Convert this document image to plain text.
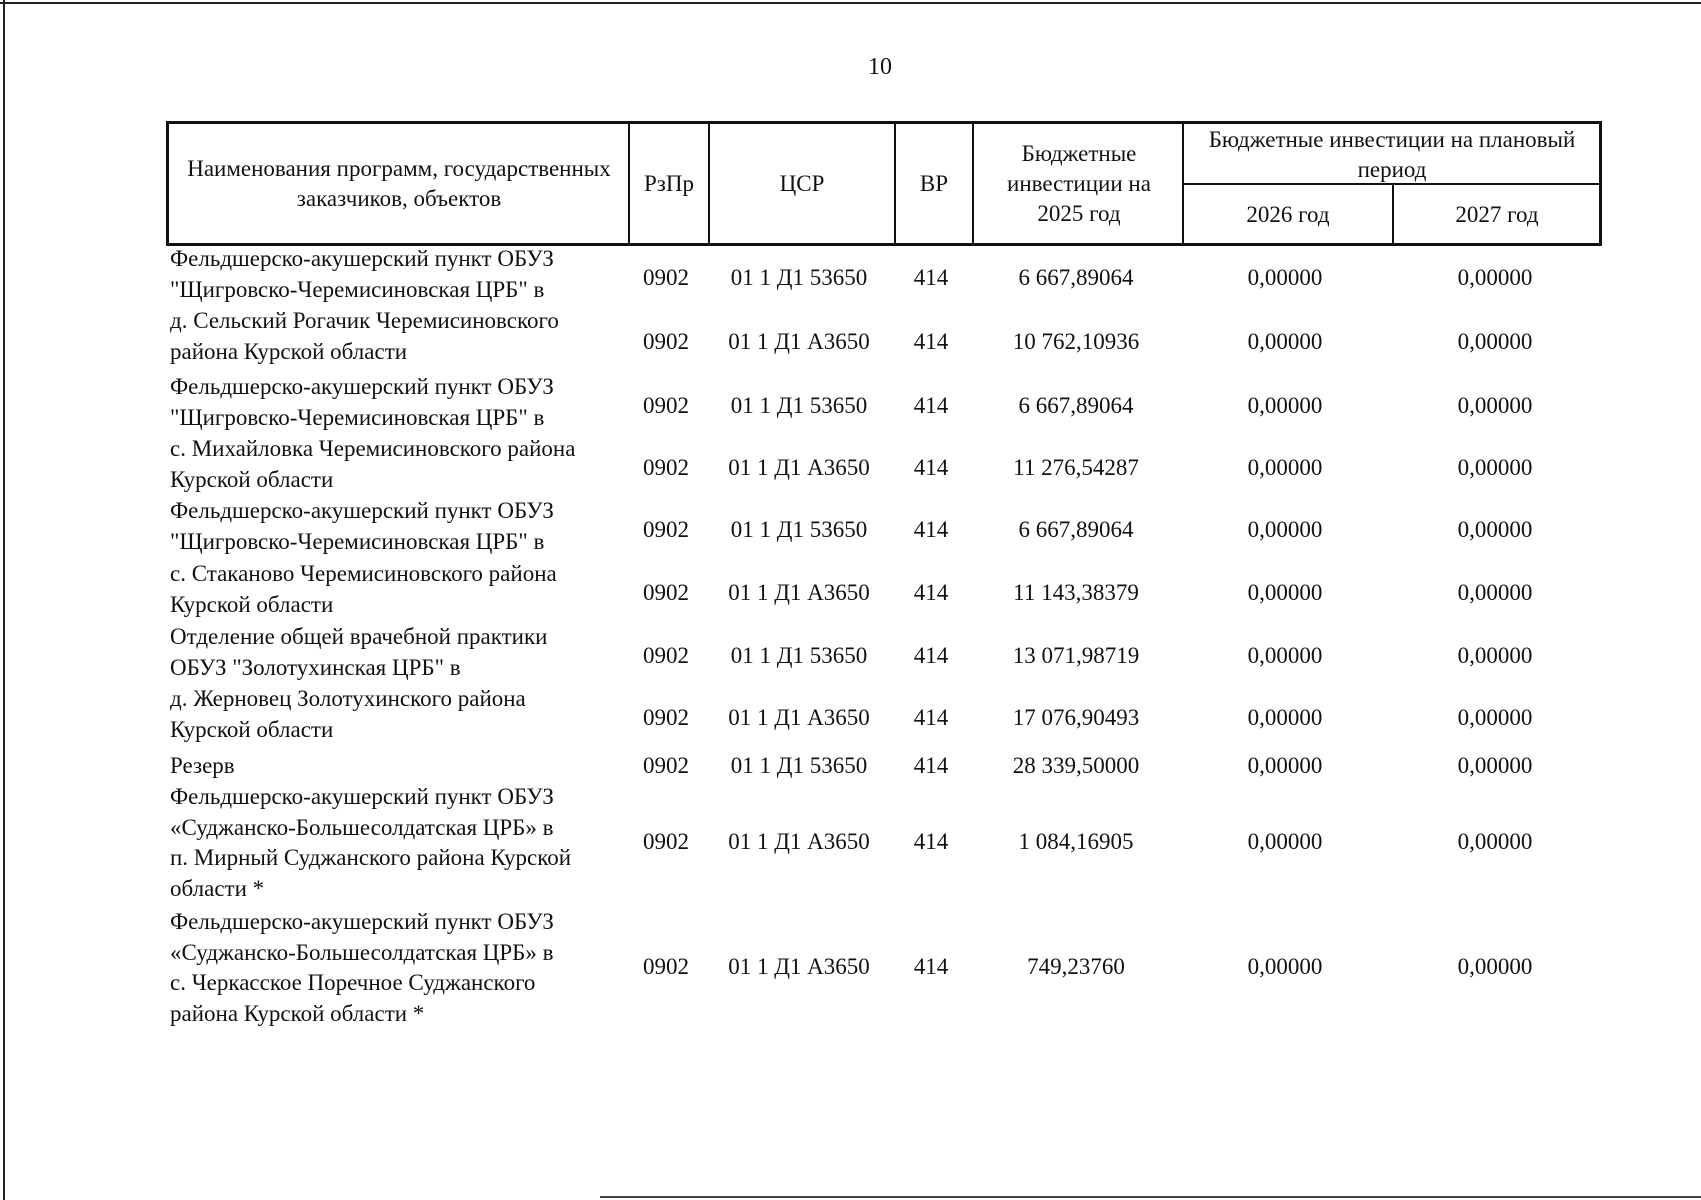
10
Наименования программ, государственных заказчиков, объектов
РзПр	ЦСР	ВР
Бюджетные инвестиции на 2025 год
Бюджетные инвестиции на плановый период
2026 год	2027 год
Фельдшерско-акушерский пункт ОБУЗ
"Щигровско-Черемисиновская ЦРБ" в	0902	01 1 Д1 53650	414	6 667,89064	0,00000	0,00000
д. Сельский Рогачик Черемисиновского
района Курской области	0902	01 1 Д1 А3650	414	10 762,10936	0,00000	0,00000
Фельдшерско-акушерский пункт ОБУЗ
"Щигровско-Черемисиновская ЦРБ" в	0902	01 1 Д1 53650	414	6 667,89064	0,00000	0,00000
с. Михайловка Черемисиновского района
Курской области	0902	01 1 Д1 А3650	414	11 276,54287	0,00000	0,00000
Фельдшерско-акушерский пункт ОБУЗ
"Щигровско-Черемисиновская ЦРБ" в	0902	01 1 Д1 53650	414	6 667,89064	0,00000	0,00000
с. Стаканово Черемисиновского района
Курской области	0902	01 1 Д1 А3650	414	11 143,38379	0,00000	0,00000
Отделение общей врачебной практики
ОБУЗ "Золотухинская ЦРБ" в	0902	01 1 Д1 53650	414	13 071,98719	0,00000	0,00000
д. Жерновец Золотухинского района
Курской области	0902	01 1 Д1 А3650	414	17 076,90493	0,00000	0,00000
Резерв	0902	01 1 Д1 53650	414	28 339,50000	0,00000	0,00000
Фельдшерско-акушерский пункт ОБУЗ
«Суджанско-Большесолдатская ЦРБ» в
п. Мирный Суджанского района Курской
области *
0902	01 1 Д1 А3650	414	1 084,16905	0,00000	0,00000
Фельдшерско-акушерский пункт ОБУЗ
«Суджанско-Большесолдатская ЦРБ» в
с. Черкасское Поречное Суджанского
района Курской области *
0902	01 1 Д1 А3650	414	749,23760	0,00000	0,00000
